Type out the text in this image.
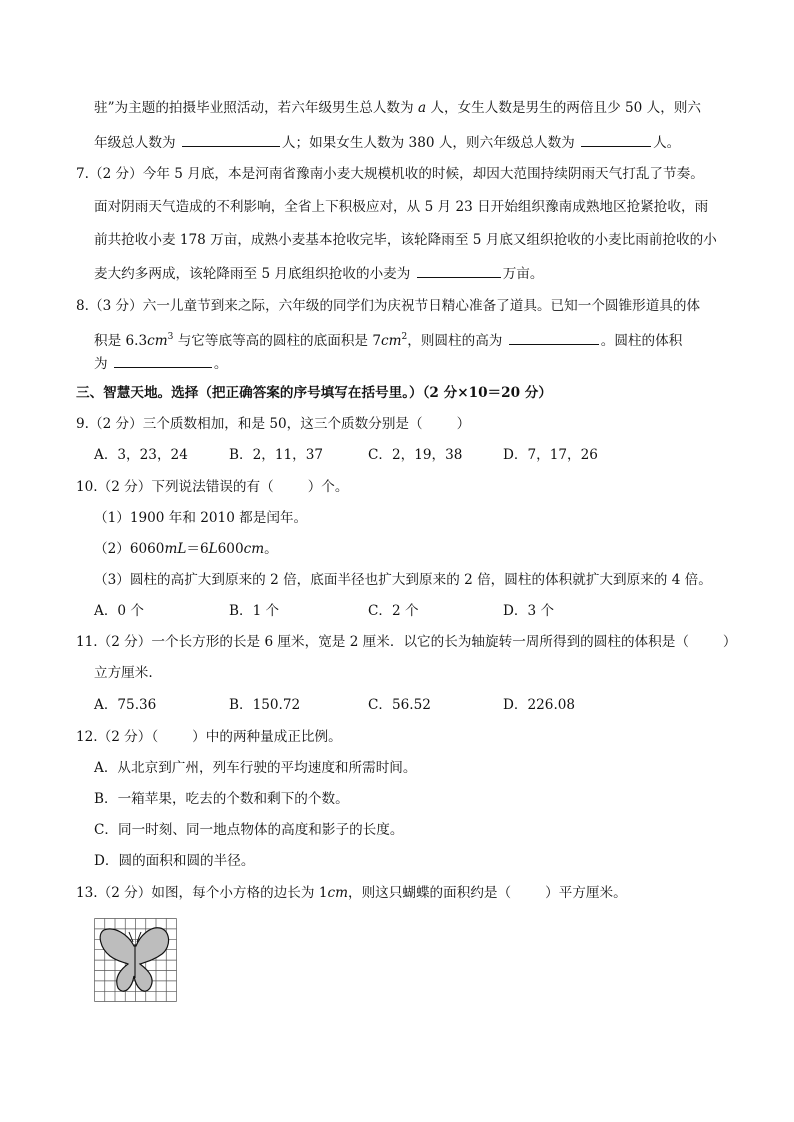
驻”为主题的拍摄毕业照活动，若六年级男生总人数为 a 人，女生人数是男生的两倍且少 50 人，则六
年级总人数为	人；如果女生人数为 380 人，则六年级总人数为	人。
7.（2 分）今年 5 月底，本是河南省豫南小麦大规模机收的时候，却因大范围持续阴雨天气打乱了节奏。
面对阴雨天气造成的不利影响，全省上下积极应对，从 5 月 23 日开始组织豫南成熟地区抢紧抢收，雨
前共抢收小麦 178 万亩，成熟小麦基本抢收完毕，该轮降雨至 5 月底又组织抢收的小麦比雨前抢收的小
麦大约多两成，该轮降雨至 5 月底组织抢收的小麦为	万亩。
8.（3 分）六一儿童节到来之际，六年级的同学们为庆祝节日精心准备了道具。已知一个圆锥形道具的体
积是 $6.3cm^3$ 与它等底等高的圆柱的底面积是 $7cm^2$，则圆柱的高为	。圆柱的体积
为	。
三、智慧天地。选择（把正确答案的序号填写在括号里。）（2 分×10＝20 分）
9.（2 分）三个质数相加，和是 50，这三个质数分别是（	）
A．3，23，24	B．2，11，37	C．2，19，38	D．7，17，26
10.（2 分）下列说法错误的有（	）个。
（1）1900 年和 2010 都是闰年。
（2）6060mL＝6L600cm。
（3）圆柱的高扩大到原来的 2 倍，底面半径也扩大到原来的 2 倍，圆柱的体积就扩大到原来的 4 倍。
A．0 个	B．1 个	C．2 个	D．3 个
11.（2 分）一个长方形的长是 6 厘米，宽是 2 厘米．以它的长为轴旋转一周所得到的圆柱的体积是（	）
立方厘米.
A．75.36	B．150.72	C．56.52	D．226.08
12.（2 分）（	）中的两种量成正比例。
A．从北京到广州，列车行驶的平均速度和所需时间。
B．一箱苹果，吃去的个数和剩下的个数。
C．同一时刻、同一地点物体的高度和影子的长度。
D．圆的面积和圆的半径。
13.（2 分）如图，每个小方格的边长为 1cm，则这只蝴蝶的面积约是（	）平方厘米。
